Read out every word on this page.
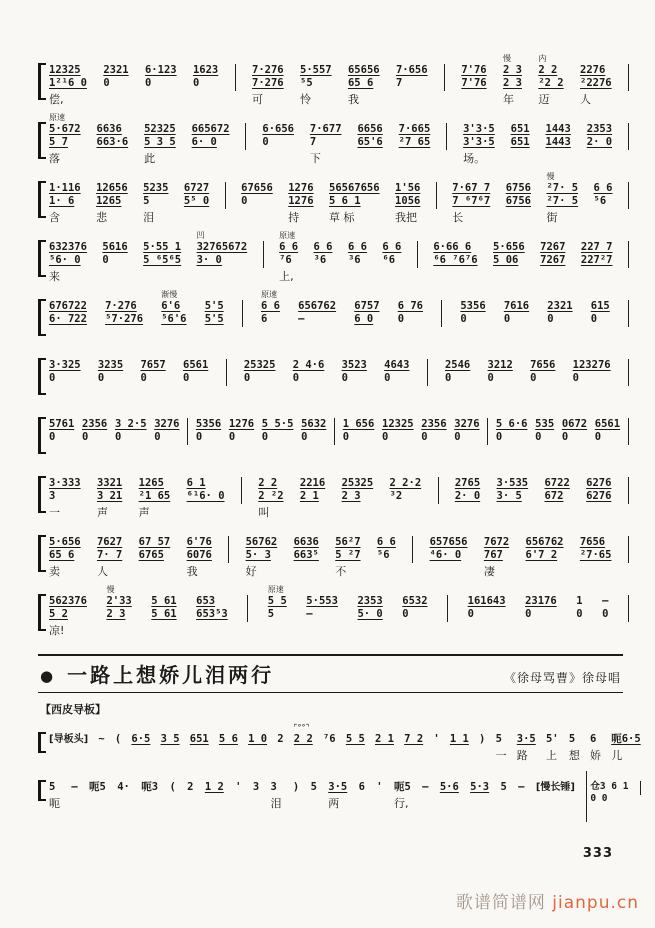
12325
1²¹6 0
偿,
2321
0
6·123
0
1623
0
7·276
7·276
可
5·557
⁵5
怜
65656
65 6
我
7·656
7
7'76
7'76
慢
2 3
2 3
年
内
2 2
²2 2
迈
2276
²2276
人
原速
5·672
5 7
落
6636
663·6
52325
5 3 5
此
665672
6· 0
6·656
0
7·677
7
下
6656
65'6
7·665
²7 65
3'3·5
3'3·5
场。
651
651
1443
1443
2353
2· 0
1·116
1· 6
含
12656
1265
悲
5235
5
泪
6727
5⁵ 0
67656
0
1276
1276
持
56567656
5 6 1
草 标
1'56
1056
我把
7·67 7
7 ⁶7⁶7
长
6756
6756
慢
²7· 5
²7· 5
街
6 6
⁵6
632376
⁵6· 0
来
5616
0
5·55 1
5 ⁶5⁶5
凹
32765672
3· 0
原速
6 6
⁷6
上,
6 6
³6
6 6
³6
6 6
⁶6
6·66 6
⁶6 ⁷6⁷6
5·656
5 06
7267
7267
227 7
227²7
676722
6· 722
7·276
⁵7·276
渐慢
6'6
⁵6'6
5'5
5'5
原速
6 6
6
656762
–
6757
6 0
6 76
0
5356
0
7616
0
2321
0
615
0
3·325
0
3235
0
7657
0
6561
0
25325
0
2 4·6
0
3523
0
4643
0
2546
0
3212
0
7656
0
123276
0
5761
0
2356
0
3 2·5
0
3276
0
5356
0
1276
0
5 5·5
0
5632
0
1 656
0
12325
0
2356
0
3276
0
5 6·6
0
535
0
0672
0
6561
0
3·333
3
一
3321
3 21
声
1265
²1 65
声
6 1
⁶¹6· 0
2 2
2 ²2
叫
2216
2 1
25325
2 3
2 2·2
³2
2765
2· 0
3·535
3· 5
6722
672
6276
6276
5·656
65 6
卖
7627
7· 7
人
67 57
6765
6'76
6076
我
56762
5· 3
好
6636
663⁵
56²7
5 ²7
不
6 6
⁵6
657656
⁴6· 0
7672
767
凄
656762
6'7 2
7656
²7·65
562376
5 2
凉!
慢
2'33
2 3
5 61
5 61
653
653⁵3
原速
5 5
5
5·553
–
2353
5· 0
6532
0
161643
0
23176
0
1
0
–
0
● 一路上想娇儿泪两行	《徐母骂曹》徐母唱
【西皮导板】
[导板头] ~ ( 6·5 3 5 651 5 6 1 0 2
⌜°°⌝
2 2 ⁷6 5 5 2 1 7 2 ' 1 1 ) 5
一
3·5
路
5'
上
5
想
6
娇
呃6·5
儿
5
呃
– 呃5 4· 呃3 ( 2 1 2 ' 3 3
泪
) 5 3·5
两
6 ' 呃5
行,
– 5·6 5·3 5 – [慢长锤] 仓3 6 1
0 0
333
歌谱简谱网 jianpu.cn
